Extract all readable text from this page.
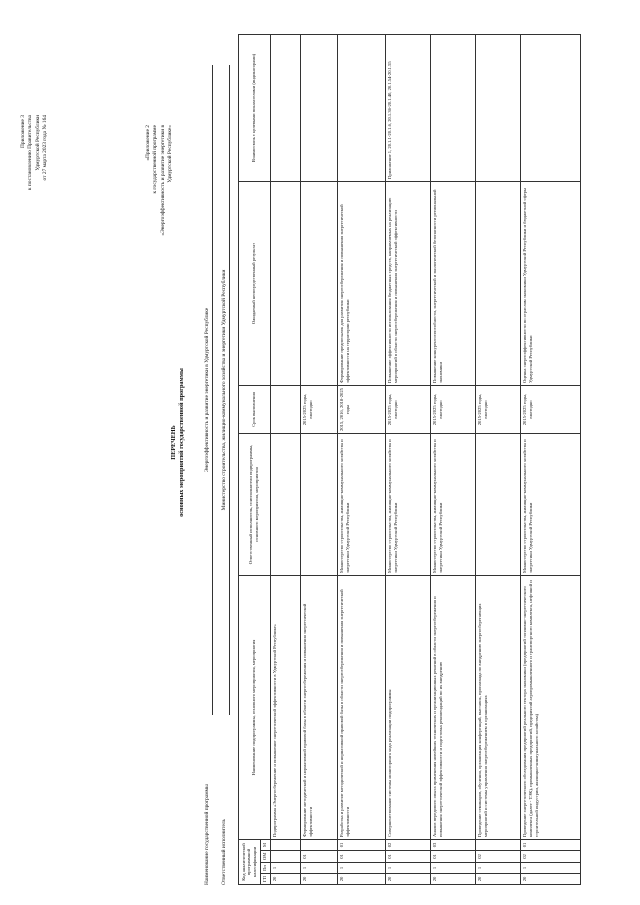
Приложение 3 к постановлению Правительства Удмуртской Республики от 27 марта 2023 года № 164	«Приложение 2 к государственной программе «Энергоэффективность и развитие энергетики в Удмуртской Республике»
ПЕРЕЧЕНЬ основных мероприятий государственной программы
Наименование государственной программы
Энергоэффективность и развитие энергетики в Удмуртской Республике
Ответственный исполнитель
Министерство строительства, жилищно-коммунального хозяйства и энергетики Удмуртской Республики
Код аналитической программной классификации				Наименование подпрограммы, основного мероприятия, мероприятия	Ответственный исполнитель, соисполнители подпрограммы, основного мероприятия, мероприятия	Срок выполнения	Ожидаемый непосредственный результат	Взаимосвязь с целевыми показателями (индикаторами)
ГП	Пп	ОМ	М					
20	1			Подпрограмма «Энергосбережение и повышение энергетической эффективности в Удмуртской Республике»				
20	1	01		Формирование методической и нормативной правовой базы в области энергосбережения и повышения энергетической эффективности		2015-2025 годы, ежегодно		
20	1	01	01	Разработка и развитие методической и нормативной правовой базы в области энергосбережения и повышения энергетической эффективности	Министерство строительства, жилищно-коммунального хозяйства и энергетики Удмуртской Республики	2015, 2016, 2018-2025 годы	Формирование предпосылок для развития энергосбережения и повышения энергетической эффективности на территории республики	
20	1	01	02	Совершенствование системы мониторинга хода реализации подпрограммы	Министерство строительства, жилищно-коммунального хозяйства и энергетики Удмуртской Республики	2015-2025 годы, ежегодно	Повышение эффективности использования бюджетных средств, направляемых на реализацию мероприятий в области энергосбережения и повышения энергетической эффективности	Приложение 1, 20.1.1-20.1.6, 20.1.36-20.1.40, 20.1.54-20.1.55
20	1	01	03	Анализ передового опыта применения новейших технических и организационных решений в области энергосбережения и повышения энергетической эффективности и подготовка рекомендаций по их внедрению	Министерство строительства, жилищно-коммунального хозяйства и энергетики Удмуртской Республики	2015-2025 годы, ежегодно	Повышение конкурентоспособности, энергетической и экологической безопасности региональной экономики	
20	1	02		Проведение семинаров, обучения, организация конференций, выставок, пропаганда по внедрению энергосберегающих мероприятий и системы управления энергосбережением в организациях		2015-2025 годы, ежегодно		
20	1	02	01	Проведение энергетического обследования предприятий реального сектора экономики (предприятий топливно-энергетического комплекса (далее - ТЭК), промышленных предприятий, предприятий агропромышленного и транспортного комплекса, нефтяной и строительной индустрии, жилищно-коммунального хозяйства)	Министерство строительства, жилищно-коммунального хозяйства и энергетики Удмуртской Республики	2015-2025 годы, ежегодно	Оценка энергоэффективности по отраслям экономики Удмуртской Республики и бюджетной сферы Удмуртской Республики	
